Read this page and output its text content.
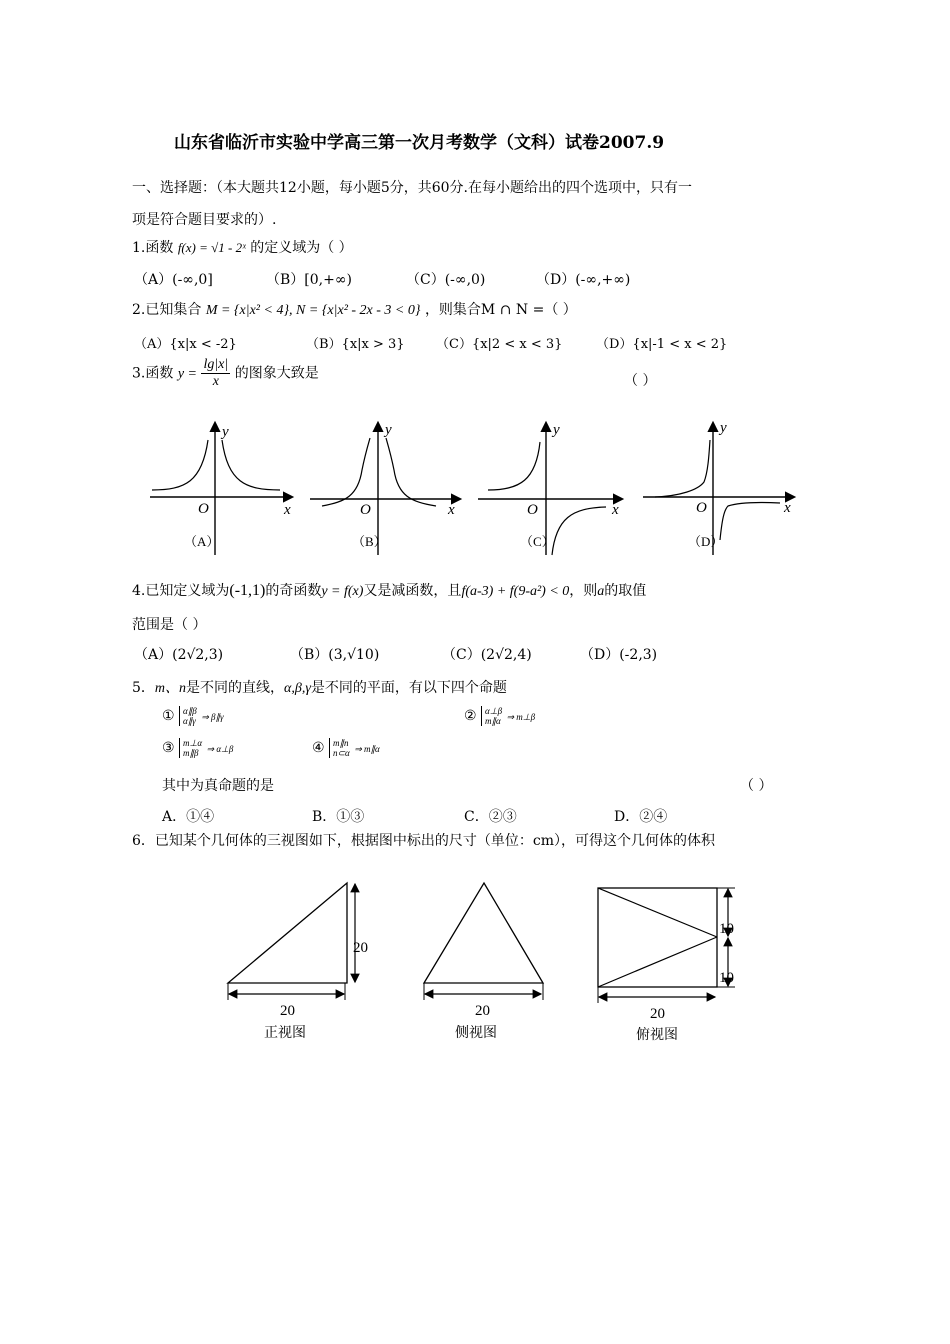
山东省临沂市实验中学高三第一次月考数学（文科）试卷2007.9
一、选择题：（本大题共12小题，每小题5分，共60分.在每小题给出的四个选项中，只有一
项是符合题目要求的）.
1.函数 f(x) = √1 - 2ˣ 的定义域为（ ）
（A）(-∞,0]	（B）[0,+∞)	（C）(-∞,0)	（D）(-∞,+∞)
2.已知集合 M = {x|x² < 4}, N = {x|x² - 2x - 3 < 0} ，则集合M ∩ N =（ ）
（A）{x|x < -2}	（B）{x|x > 3} （C）{x|2 < x < 3}	（D）{x|-1 < x < 2}
3.函数 $y = \frac{\lg|x|}{x}$ 的图象大致是	（ ）
y
x
O
（A）
y
x
O
（B）
y
x
O
（C）
y
x
O
（D）
4.已知定义域为(-1,1)的奇函数y = f(x)又是减函数，且f(a-3) + f(9-a²) < 0，则a的取值
范围是（ ）
（A）(2√2,3)	（B）(3,√10)	（C）(2√2,4)	（D）(-2,3)
5．m、n是不同的直线，α,β,γ是不同的平面，有以下四个命题
① α∥β
α∥γ ⇒ β∥γ	② α⊥β
m∥α ⇒ m⊥β
③ m⊥α
m∥β ⇒ α⊥β	④ m∥n
n⊂α ⇒ m∥α
其中为真命题的是	（ ）
A．①④	B．①③	C．②③	D．②④
6．已知某个几何体的三视图如下，根据图中标出的尺寸（单位：cm），可得这个几何体的体积
20
20
正视图
20
侧视图
10
10
20
俯视图
